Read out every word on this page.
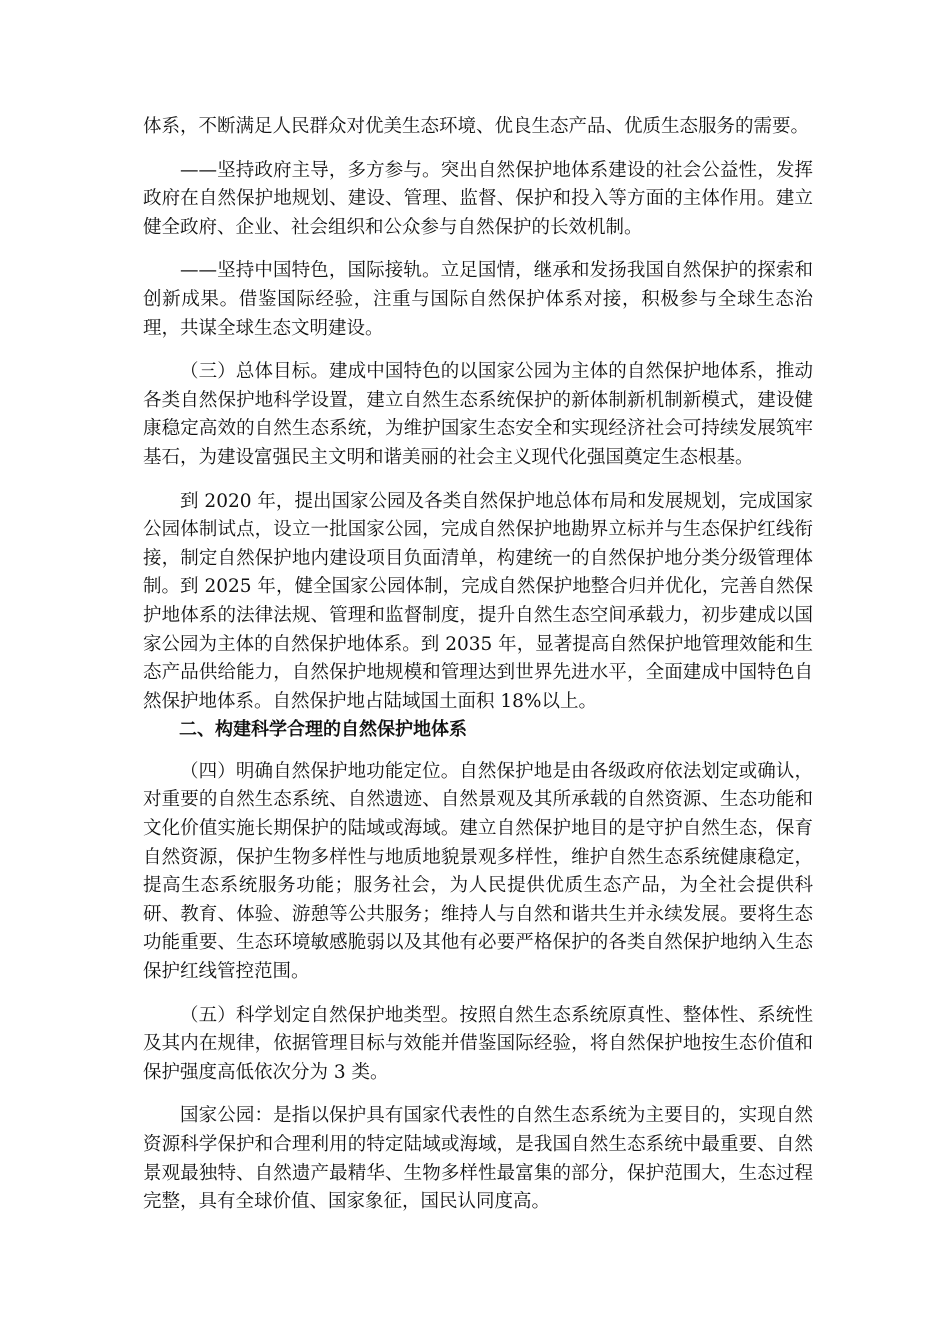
体系，不断满足人民群众对优美生态环境、优良生态产品、优质生态服务的需要。

——坚持政府主导，多方参与。突出自然保护地体系建设的社会公益性，发挥政府在自然保护地规划、建设、管理、监督、保护和投入等方面的主体作用。建立健全政府、企业、社会组织和公众参与自然保护的长效机制。

——坚持中国特色，国际接轨。立足国情，继承和发扬我国自然保护的探索和创新成果。借鉴国际经验，注重与国际自然保护体系对接，积极参与全球生态治理，共谋全球生态文明建设。

（三）总体目标。建成中国特色的以国家公园为主体的自然保护地体系，推动各类自然保护地科学设置，建立自然生态系统保护的新体制新机制新模式，建设健康稳定高效的自然生态系统，为维护国家生态安全和实现经济社会可持续发展筑牢基石，为建设富强民主文明和谐美丽的社会主义现代化强国奠定生态根基。

到 2020 年，提出国家公园及各类自然保护地总体布局和发展规划，完成国家公园体制试点，设立一批国家公园，完成自然保护地勘界立标并与生态保护红线衔接，制定自然保护地内建设项目负面清单，构建统一的自然保护地分类分级管理体制。到 2025 年，健全国家公园体制，完成自然保护地整合归并优化，完善自然保护地体系的法律法规、管理和监督制度，提升自然生态空间承载力，初步建成以国家公园为主体的自然保护地体系。到 2035 年，显著提高自然保护地管理效能和生态产品供给能力，自然保护地规模和管理达到世界先进水平，全面建成中国特色自然保护地体系。自然保护地占陆域国土面积 18%以上。

二、构建科学合理的自然保护地体系

（四）明确自然保护地功能定位。自然保护地是由各级政府依法划定或确认，对重要的自然生态系统、自然遗迹、自然景观及其所承载的自然资源、生态功能和文化价值实施长期保护的陆域或海域。建立自然保护地目的是守护自然生态，保育自然资源，保护生物多样性与地质地貌景观多样性，维护自然生态系统健康稳定，提高生态系统服务功能；服务社会，为人民提供优质生态产品，为全社会提供科研、教育、体验、游憩等公共服务；维持人与自然和谐共生并永续发展。要将生态功能重要、生态环境敏感脆弱以及其他有必要严格保护的各类自然保护地纳入生态保护红线管控范围。

（五）科学划定自然保护地类型。按照自然生态系统原真性、整体性、系统性及其内在规律，依据管理目标与效能并借鉴国际经验，将自然保护地按生态价值和保护强度高低依次分为 3 类。

国家公园：是指以保护具有国家代表性的自然生态系统为主要目的，实现自然资源科学保护和合理利用的特定陆域或海域，是我国自然生态系统中最重要、自然景观最独特、自然遗产最精华、生物多样性最富集的部分，保护范围大，生态过程完整，具有全球价值、国家象征，国民认同度高。
